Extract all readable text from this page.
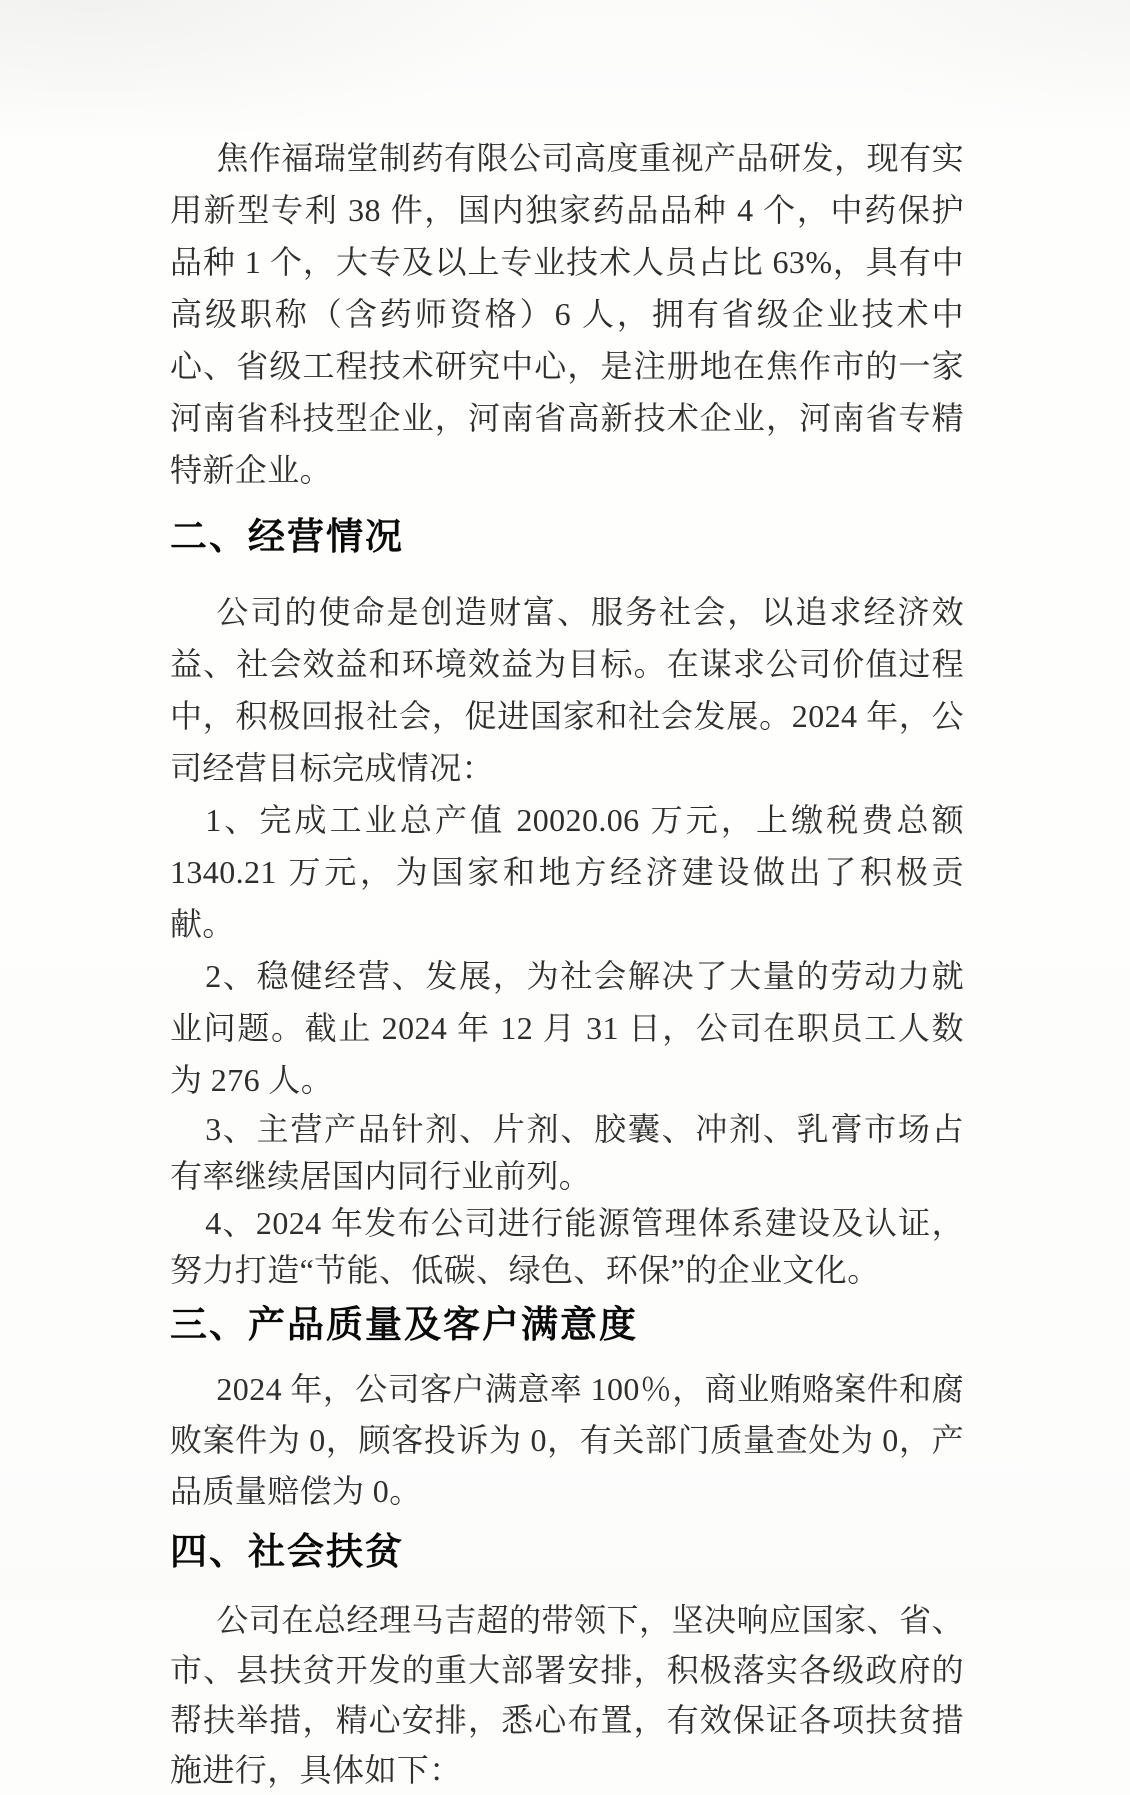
焦作福瑞堂制药有限公司高度重视产品研发，现有实用新型专利 38 件，国内独家药品品种 4 个，中药保护品种 1 个，大专及以上专业技术人员占比 63%，具有中高级职称（含药师资格）6 人，拥有省级企业技术中心、省级工程技术研究中心，是注册地在焦作市的一家河南省科技型企业，河南省高新技术企业，河南省专精特新企业。

二、经营情况

公司的使命是创造财富、服务社会，以追求经济效益、社会效益和环境效益为目标。在谋求公司价值过程中，积极回报社会，促进国家和社会发展。2024 年，公司经营目标完成情况：

1、完成工业总产值 20020.06 万元，上缴税费总额 1340.21 万元，为国家和地方经济建设做出了积极贡献。

2、稳健经营、发展，为社会解决了大量的劳动力就业问题。截止 2024 年 12 月 31 日，公司在职员工人数为 276 人。

3、主营产品针剂、片剂、胶囊、冲剂、乳膏市场占有率继续居国内同行业前列。

4、2024 年发布公司进行能源管理体系建设及认证，努力打造“节能、低碳、绿色、环保”的企业文化。

三、产品质量及客户满意度

2024 年，公司客户满意率 100％，商业贿赂案件和腐败案件为 0，顾客投诉为 0，有关部门质量查处为 0，产品质量赔偿为 0。

四、社会扶贫

公司在总经理马吉超的带领下，坚决响应国家、省、市、县扶贫开发的重大部署安排，积极落实各级政府的帮扶举措，精心安排，悉心布置，有效保证各项扶贫措施进行，具体如下：
